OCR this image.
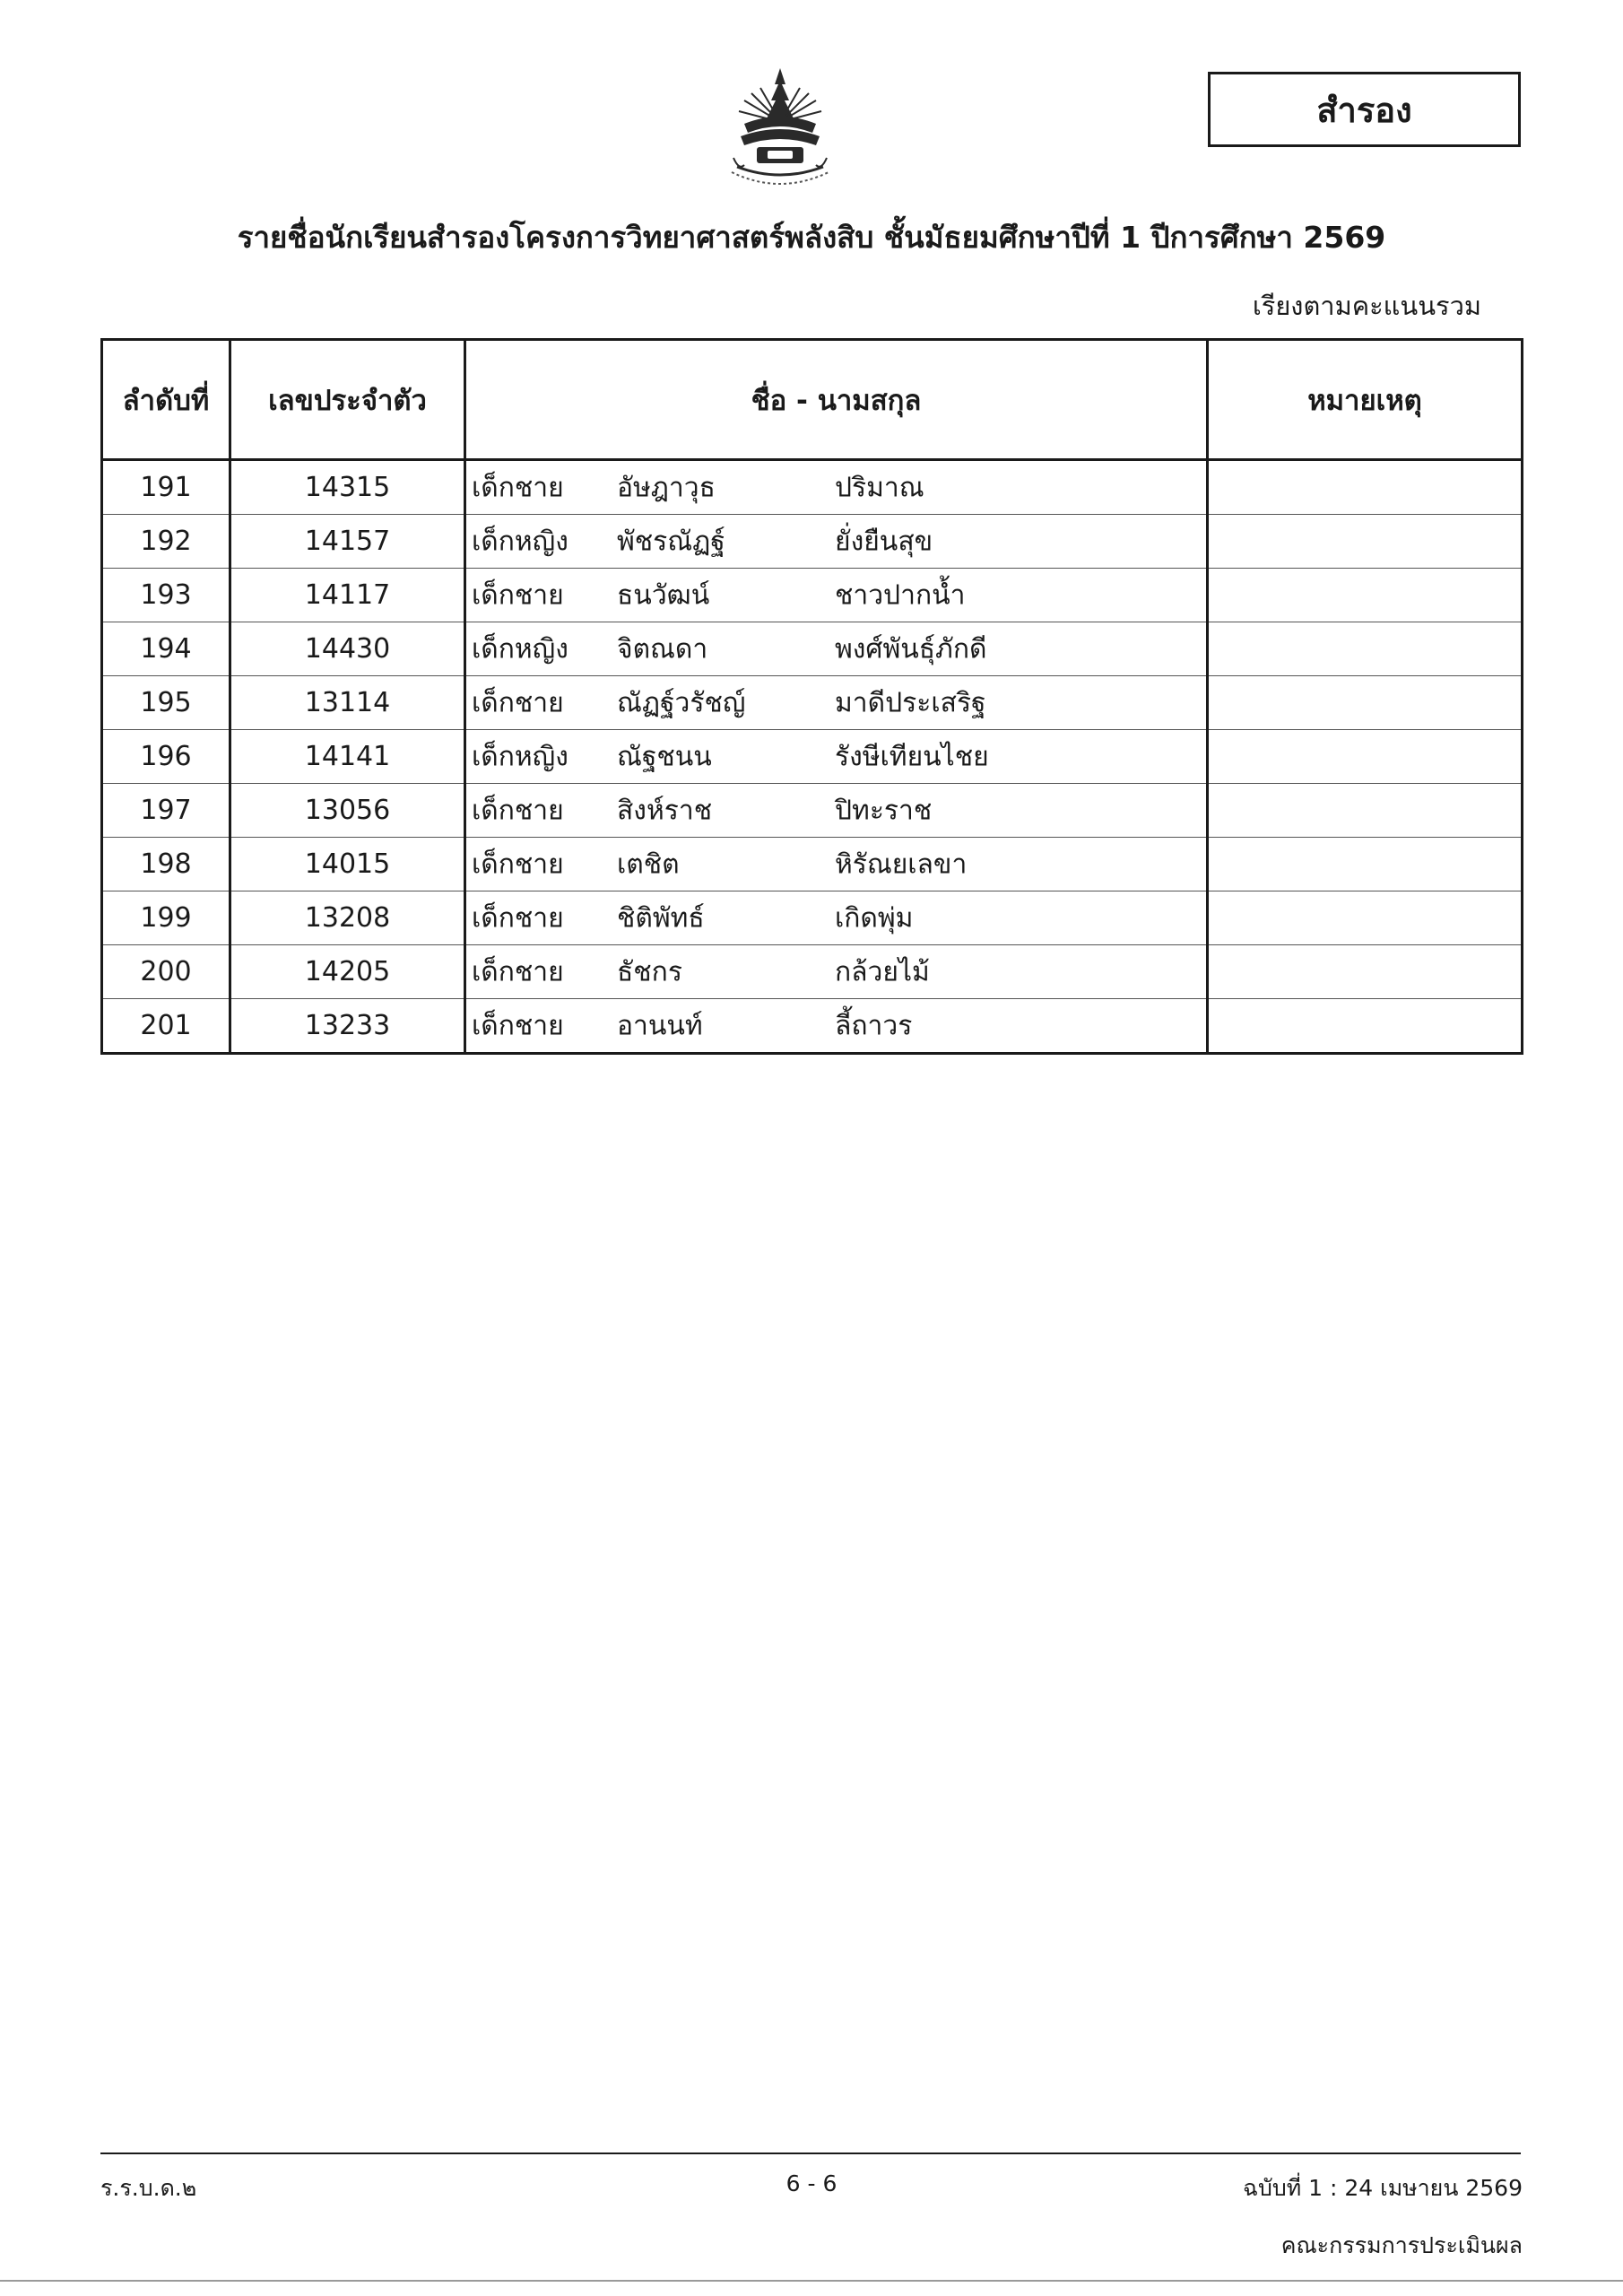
สำรอง
รายชื่อนักเรียนสำรองโครงการวิทยาศาสตร์พลังสิบ ชั้นมัธยมศึกษาปีที่ 1 ปีการศึกษา 2569
เรียงตามคะแนนรวม
ลำดับที่	เลขประจำตัว	ชื่อ - นามสกุล	หมายเหตุ
191	14315	เด็กชาย อัษฎาวุธ ปริมาณ	

192	14157	เด็กหญิง พัชรณัฏฐ์ ยั่งยืนสุข	

193	14117	เด็กชาย ธนวัฒน์ ชาวปากน้ำ	

194	14430	เด็กหญิง จิตณดา พงศ์พันธุ์ภักดี	

195	13114	เด็กชาย ณัฏฐ์วรัชญ์ มาดีประเสริฐ	

196	14141	เด็กหญิง ณัฐชนน รังษีเทียนไชย	

197	13056	เด็กชาย สิงห์ราช ปิทะราช	

198	14015	เด็กชาย เตชิต หิรัณยเลขา	

199	13208	เด็กชาย ชิติพัทธ์ เกิดพุ่ม	

200	14205	เด็กชาย ธัชกร กล้วยไม้	

201	13233	เด็กชาย อานนท์ ลี้ถาวร	

ร.ร.บ.ด.๒	6 - 6	ฉบับที่ 1 : 24 เมษายน 2569
คณะกรรมการประเมินผล
